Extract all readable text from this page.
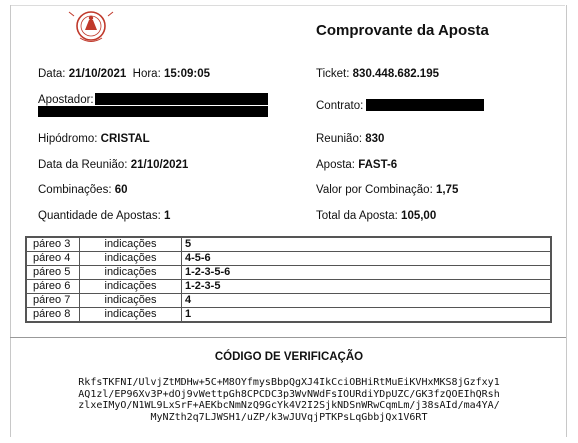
Comprovante da Aposta
Data: 21/10/2021 Hora: 15:09:05	Ticket: 830.448.682.195
Apostador:	Contrato:
Hipódromo: CRISTAL	Reunião: 830
Data da Reunião: 21/10/2021	Aposta: FAST-6
Combinações: 60	Valor por Combinação: 1,75
Quantidade de Apostas: 1	Total da Aposta: 105,00
páreo 3	indicações	5
páreo 4	indicações	4-5-6
páreo 5	indicações	1-2-3-5-6
páreo 6	indicações	1-2-3-5
páreo 7	indicações	4
páreo 8	indicações	1
CÓDIGO DE VERIFICAÇÃO
RkfsTKFNI/UlvjZtMDHw+5C+M8OYfmysBbpQgXJ4IkCciOBHiRtMuEiKVHxMKS8jGzfxy1
AQ1zl/EP96Xv3P+dOj9vWettpGh8CPCDC3p3WvNWdFsIOURdiYDpUZC/GK3fzQOEIhQRsh
zlxeIMyO/N1WL9LxSrF+AEKbcNmNzQ9GcYk4V2I2SjkNDSnWRwCqmLm/j38sAId/ma4YA/
MyNZth2q7LJWSH1/uZP/k3wJUVqjPTKPsLqGbbjQx1V6RT
